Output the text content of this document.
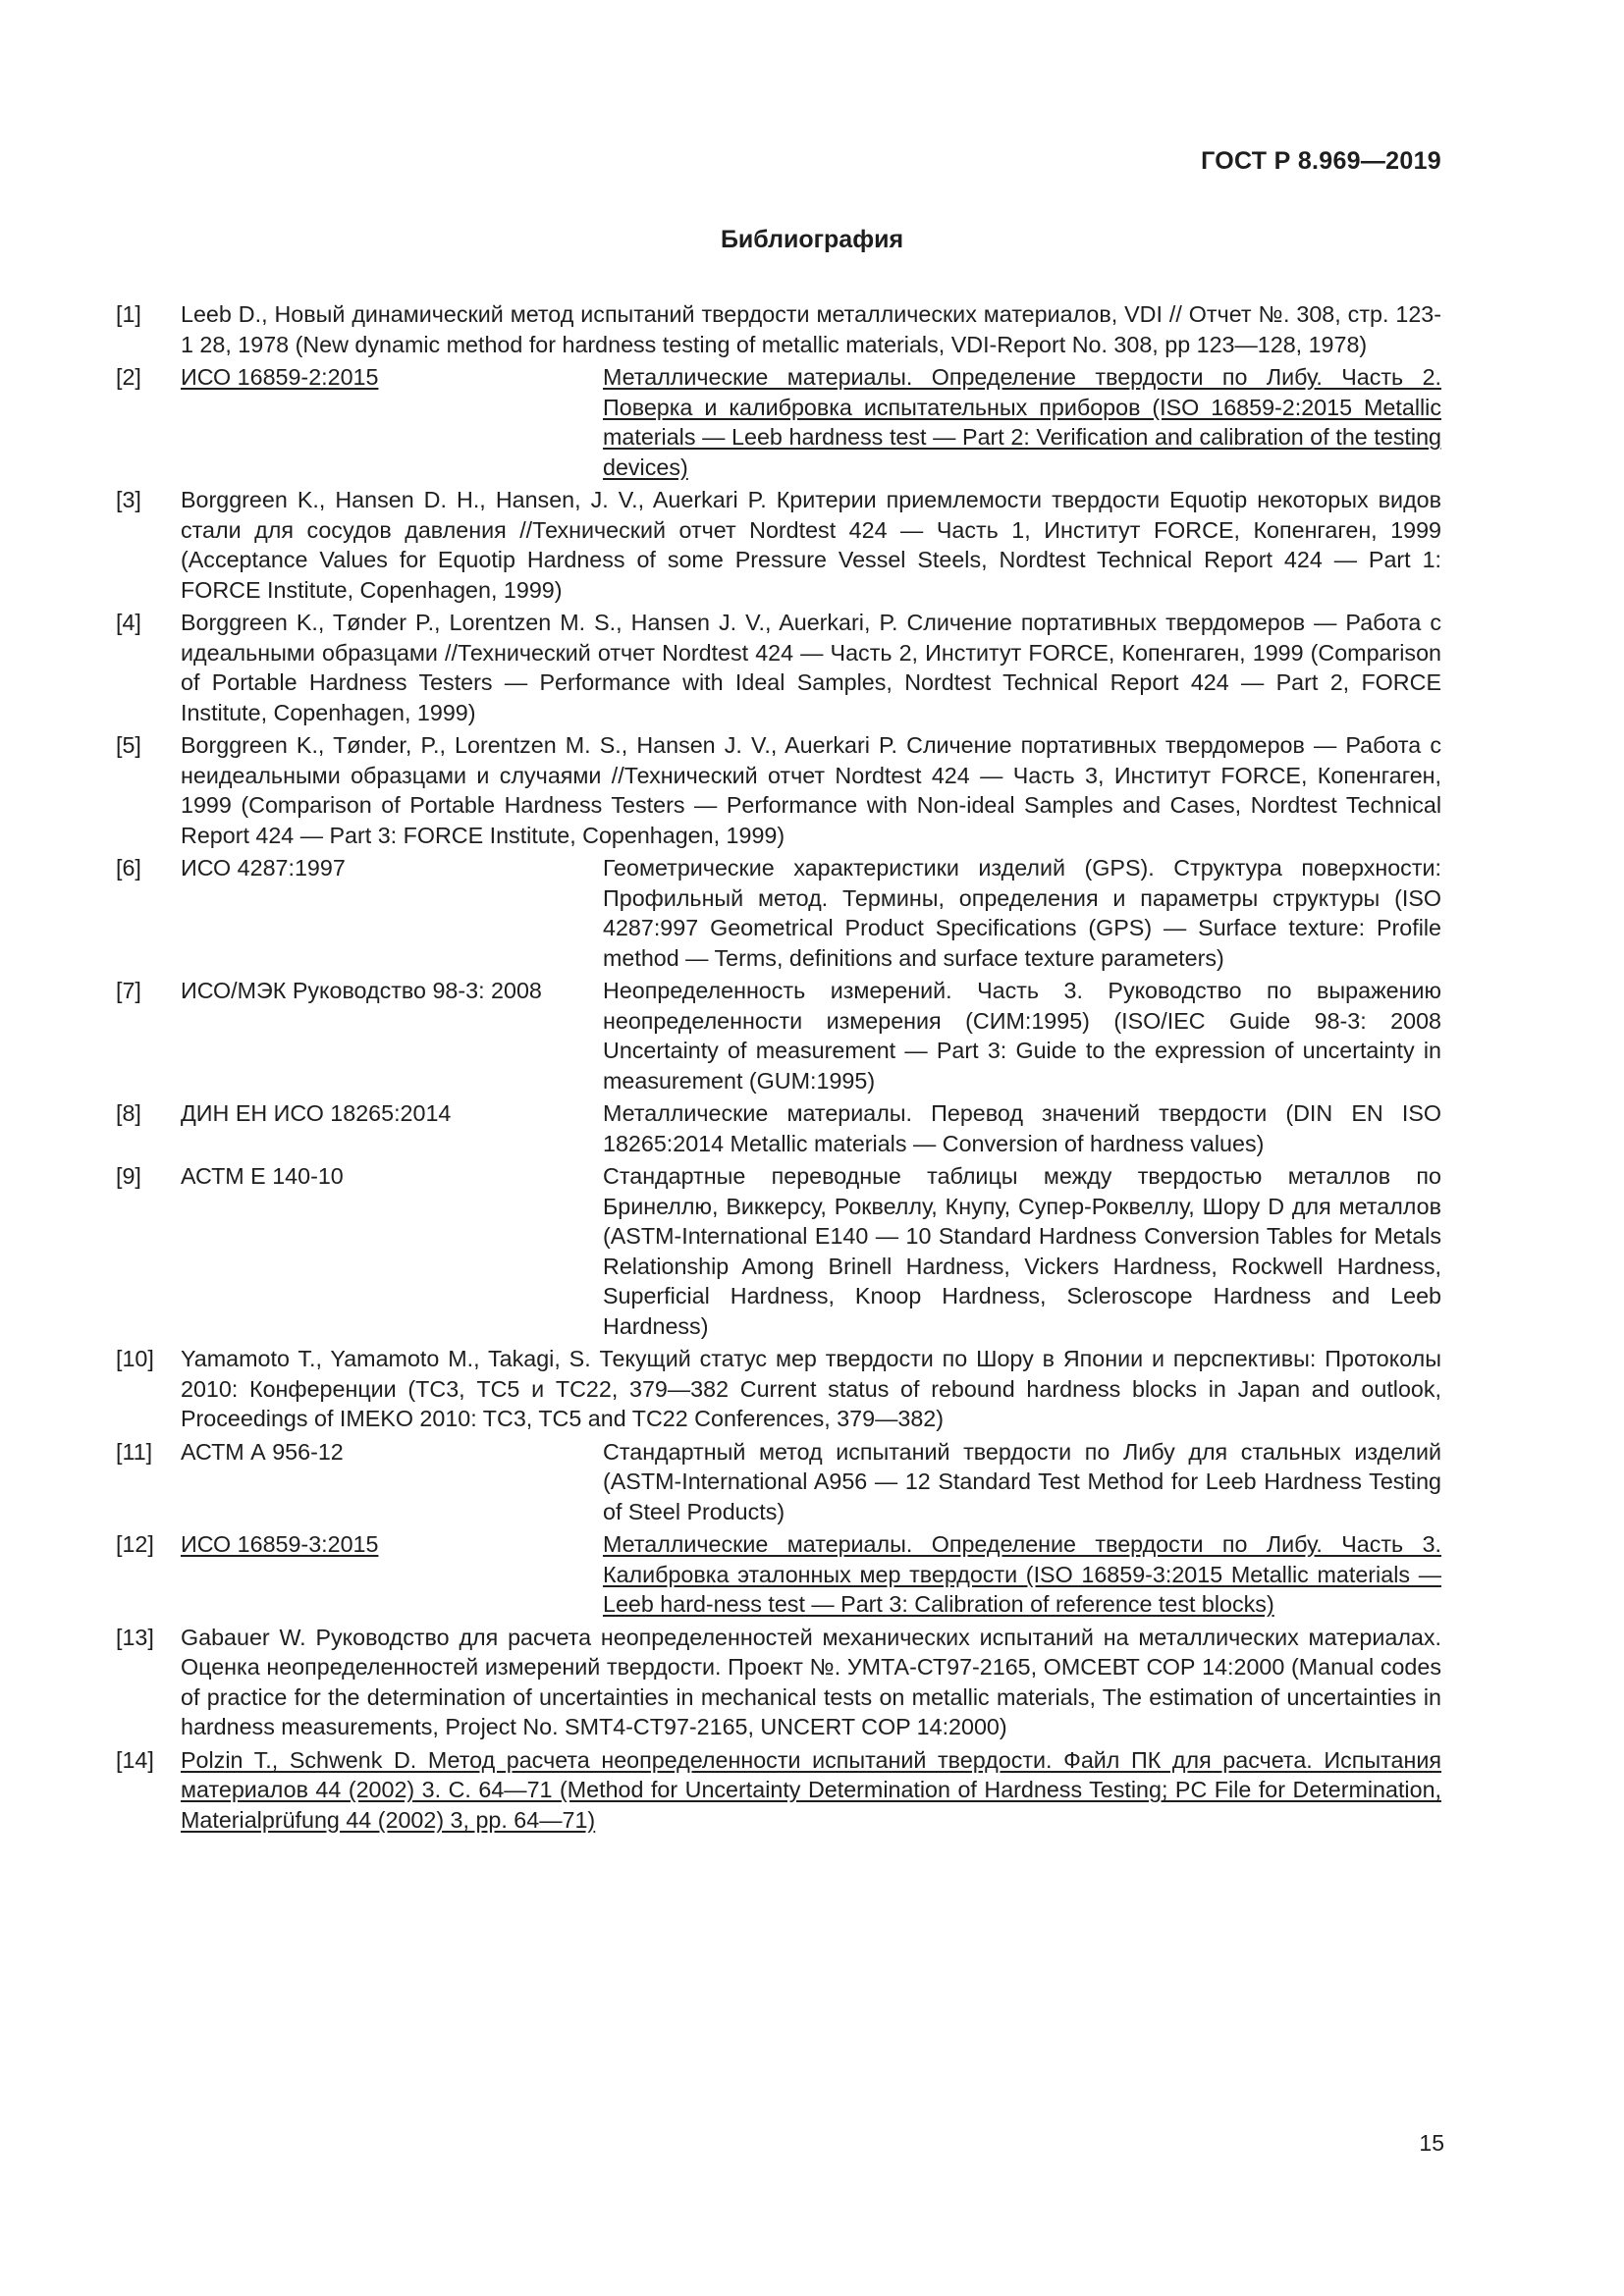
ГОСТ Р 8.969—2019
Библиография
[1]	Leeb D., Новый динамический метод испытаний твердости металлических материалов, VDI // Отчет №. 308, стр. 123-1 28, 1978 (New dynamic method for hardness testing of metallic materials, VDI-Report No. 308, pp 123—128, 1978)
[2]	ИСО 16859-2:2015	Металлические материалы. Определение твердости по Либу. Часть 2. Поверка и калибровка испытательных приборов (ISO 16859-2:2015 Metallic materials — Leeb hardness test — Part 2: Verification and calibration of the testing devices)
[3]	Borggreen K., Hansen D. H., Hansen, J. V., Auerkari P. Критерии приемлемости твердости Equotip некоторых видов стали для сосудов давления //Технический отчет Nordtest 424 — Часть 1, Институт FORCE, Копенгаген, 1999 (Acceptance Values for Equotip Hardness of some Pressure Vessel Steels, Nordtest Technical Report 424 — Part 1: FORCE Institute, Copenhagen, 1999)
[4]	Borggreen K., Tønder P., Lorentzen M. S., Hansen J. V., Auerkari, P. Сличение портативных твердомеров — Работа с идеальными образцами //Технический отчет Nordtest 424 — Часть 2, Институт FORCE, Копенгаген, 1999 (Comparison of Portable Hardness Testers — Performance with Ideal Samples, Nordtest Technical Report 424 — Part 2, FORCE Institute, Copenhagen, 1999)
[5]	Borggreen K., Tønder, P., Lorentzen M. S., Hansen J. V., Auerkari P. Сличение портативных твердомеров — Работа с неидеальными образцами и случаями //Технический отчет Nordtest 424 — Часть 3, Институт FORCE, Копенгаген, 1999 (Comparison of Portable Hardness Testers — Performance with Non-ideal Samples and Cases, Nordtest Technical Report 424 — Part 3: FORCE Institute, Copenhagen, 1999)
[6]	ИСО 4287:1997	Геометрические характеристики изделий (GPS). Структура поверхности: Профильный метод. Термины, определения и параметры структуры (ISO 4287:997 Geometrical Product Specifications (GPS) — Surface texture: Profile method — Terms, definitions and surface texture parameters)
[7]	ИСО/МЭК Руководство 98-3: 2008	Неопределенность измерений. Часть 3. Руководство по выражению неопределенности измерения (СИМ:1995) (ISO/IEC Guide 98-3: 2008 Uncertainty of measurement — Part 3: Guide to the expression of uncertainty in measurement (GUM:1995)
[8]	ДИН ЕН ИСО 18265:2014	Металлические материалы. Перевод значений твердости (DIN EN ISO 18265:2014 Metallic materials — Conversion of hardness values)
[9]	АСТМ Е 140-10	Стандартные переводные таблицы между твердостью металлов по Бринеллю, Виккерсу, Роквеллу, Кнупу, Супер-Роквеллу, Шору D для металлов (ASTM-International E140 — 10 Standard Hardness Conversion Tables for Metals Relationship Among Brinell Hardness, Vickers Hardness, Rockwell Hardness, Superficial Hardness, Knoop Hardness, Scleroscope Hardness and Leeb Hardness)
[10]	Yamamoto T., Yamamoto M., Takagi, S. Текущий статус мер твердости по Шору в Японии и перспективы: Протоколы 2010: Конференции (ТС3, ТС5 и ТС22, 379—382 Current status of rebound hardness blocks in Japan and outlook, Proceedings of IMEKO 2010: TC3, TC5 and TC22 Conferences, 379—382)
[11]	АСТМ А 956-12	Стандартный метод испытаний твердости по Либу для стальных изделий (ASTM-International A956 — 12 Standard Test Method for Leeb Hardness Testing of Steel Products)
[12]	ИСО 16859-3:2015	Металлические материалы. Определение твердости по Либу. Часть 3. Калибровка эталонных мер твердости (ISO 16859-3:2015 Metallic materials — Leeb hard-ness test — Part 3: Calibration of reference test blocks)
[13]	Gabauer W. Руководство для расчета неопределенностей механических испытаний на металлических материалах. Оценка неопределенностей измерений твердости. Проект №. УМТА-СТ97-2165, ОМСЕВТ СОР 14:2000 (Manual codes of practice for the determination of uncertainties in mechanical tests on metallic materials, The estimation of uncertainties in hardness measurements, Project No. SMT4-CT97-2165, UNCERT COP 14:2000)
[14]	Polzin T., Schwenk D. Метод расчета неопределенности испытаний твердости. Файл ПК для расчета. Испытания материалов 44 (2002) 3. С. 64—71 (Method for Uncertainty Determination of Hardness Testing; PC File for Determination, Materialprüfung 44 (2002) 3, pp. 64—71)
15
